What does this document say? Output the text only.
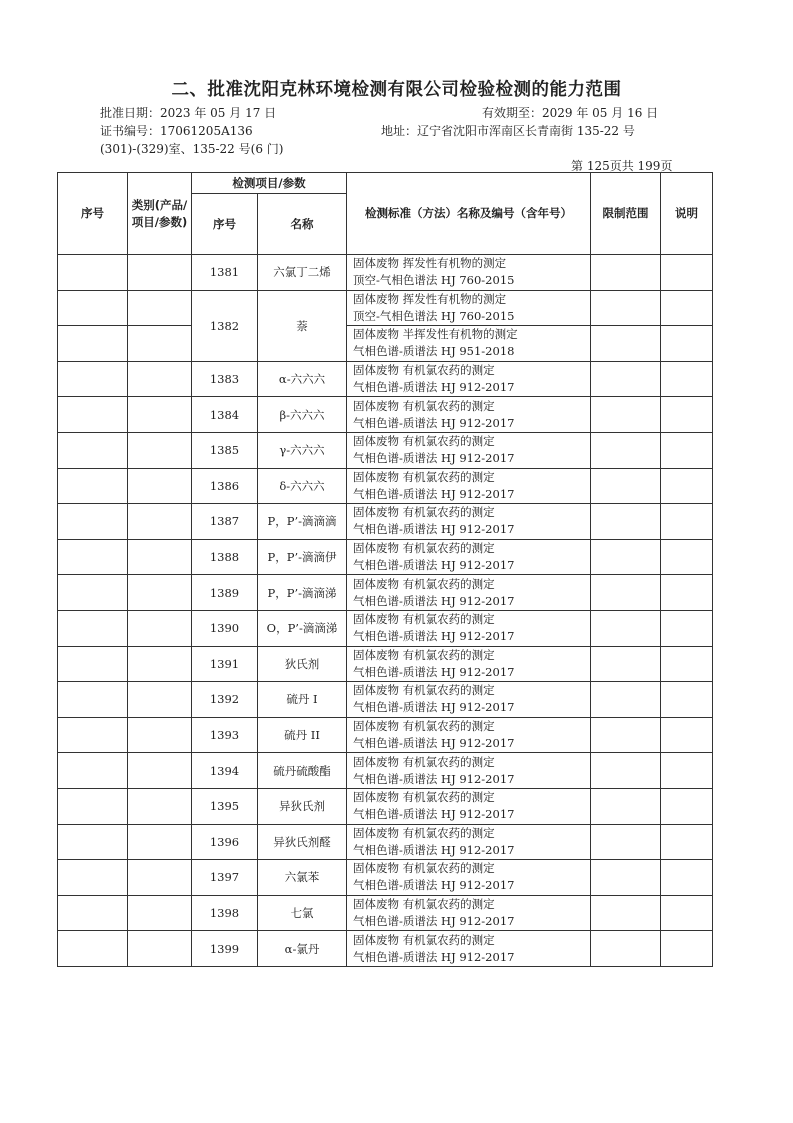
二、批准沈阳克林环境检测有限公司检验检测的能力范围
批准日期：2023 年 05 月 17 日	有效期至：2029 年 05 月 16 日
证书编号：17061205A136	地址：辽宁省沈阳市浑南区长青南街 135-22 号
(301)-(329)室、135-22 号(6 门)
第 125页共 199页
序号	类别(产品/项目/参数)	检测项目/参数		检测标准（方法）名称及编号（含年号）	限制范围	说明
		序号	名称			
		1381	六氯丁二烯	固体废物 挥发性有机物的测定
顶空-气相色谱法 HJ 760-2015		

		1382	萘	固体废物 挥发性有机物的测定
顶空-气相色谱法 HJ 760-2015		

				固体废物 半挥发性有机物的测定
气相色谱-质谱法 HJ 951-2018		

		1383	α-六六六	固体废物 有机氯农药的测定
气相色谱-质谱法 HJ 912-2017		

		1384	β-六六六	固体废物 有机氯农药的测定
气相色谱-质谱法 HJ 912-2017		

		1385	γ-六六六	固体废物 有机氯农药的测定
气相色谱-质谱法 HJ 912-2017		

		1386	δ-六六六	固体废物 有机氯农药的测定
气相色谱-质谱法 HJ 912-2017		

		1387	P，P’-滴滴滴	固体废物 有机氯农药的测定
气相色谱-质谱法 HJ 912-2017		

		1388	P，P’-滴滴伊	固体废物 有机氯农药的测定
气相色谱-质谱法 HJ 912-2017		

		1389	P，P’-滴滴涕	固体废物 有机氯农药的测定
气相色谱-质谱法 HJ 912-2017		

		1390	O，P’-滴滴涕	固体废物 有机氯农药的测定
气相色谱-质谱法 HJ 912-2017		

		1391	狄氏剂	固体废物 有机氯农药的测定
气相色谱-质谱法 HJ 912-2017		

		1392	硫丹 I	固体废物 有机氯农药的测定
气相色谱-质谱法 HJ 912-2017		

		1393	硫丹 II	固体废物 有机氯农药的测定
气相色谱-质谱法 HJ 912-2017		

		1394	硫丹硫酸酯	固体废物 有机氯农药的测定
气相色谱-质谱法 HJ 912-2017		

		1395	异狄氏剂	固体废物 有机氯农药的测定
气相色谱-质谱法 HJ 912-2017		

		1396	异狄氏剂醛	固体废物 有机氯农药的测定
气相色谱-质谱法 HJ 912-2017		

		1397	六氯苯	固体废物 有机氯农药的测定
气相色谱-质谱法 HJ 912-2017		

		1398	七氯	固体废物 有机氯农药的测定
气相色谱-质谱法 HJ 912-2017		

		1399	α-氯丹	固体废物 有机氯农药的测定
气相色谱-质谱法 HJ 912-2017		
